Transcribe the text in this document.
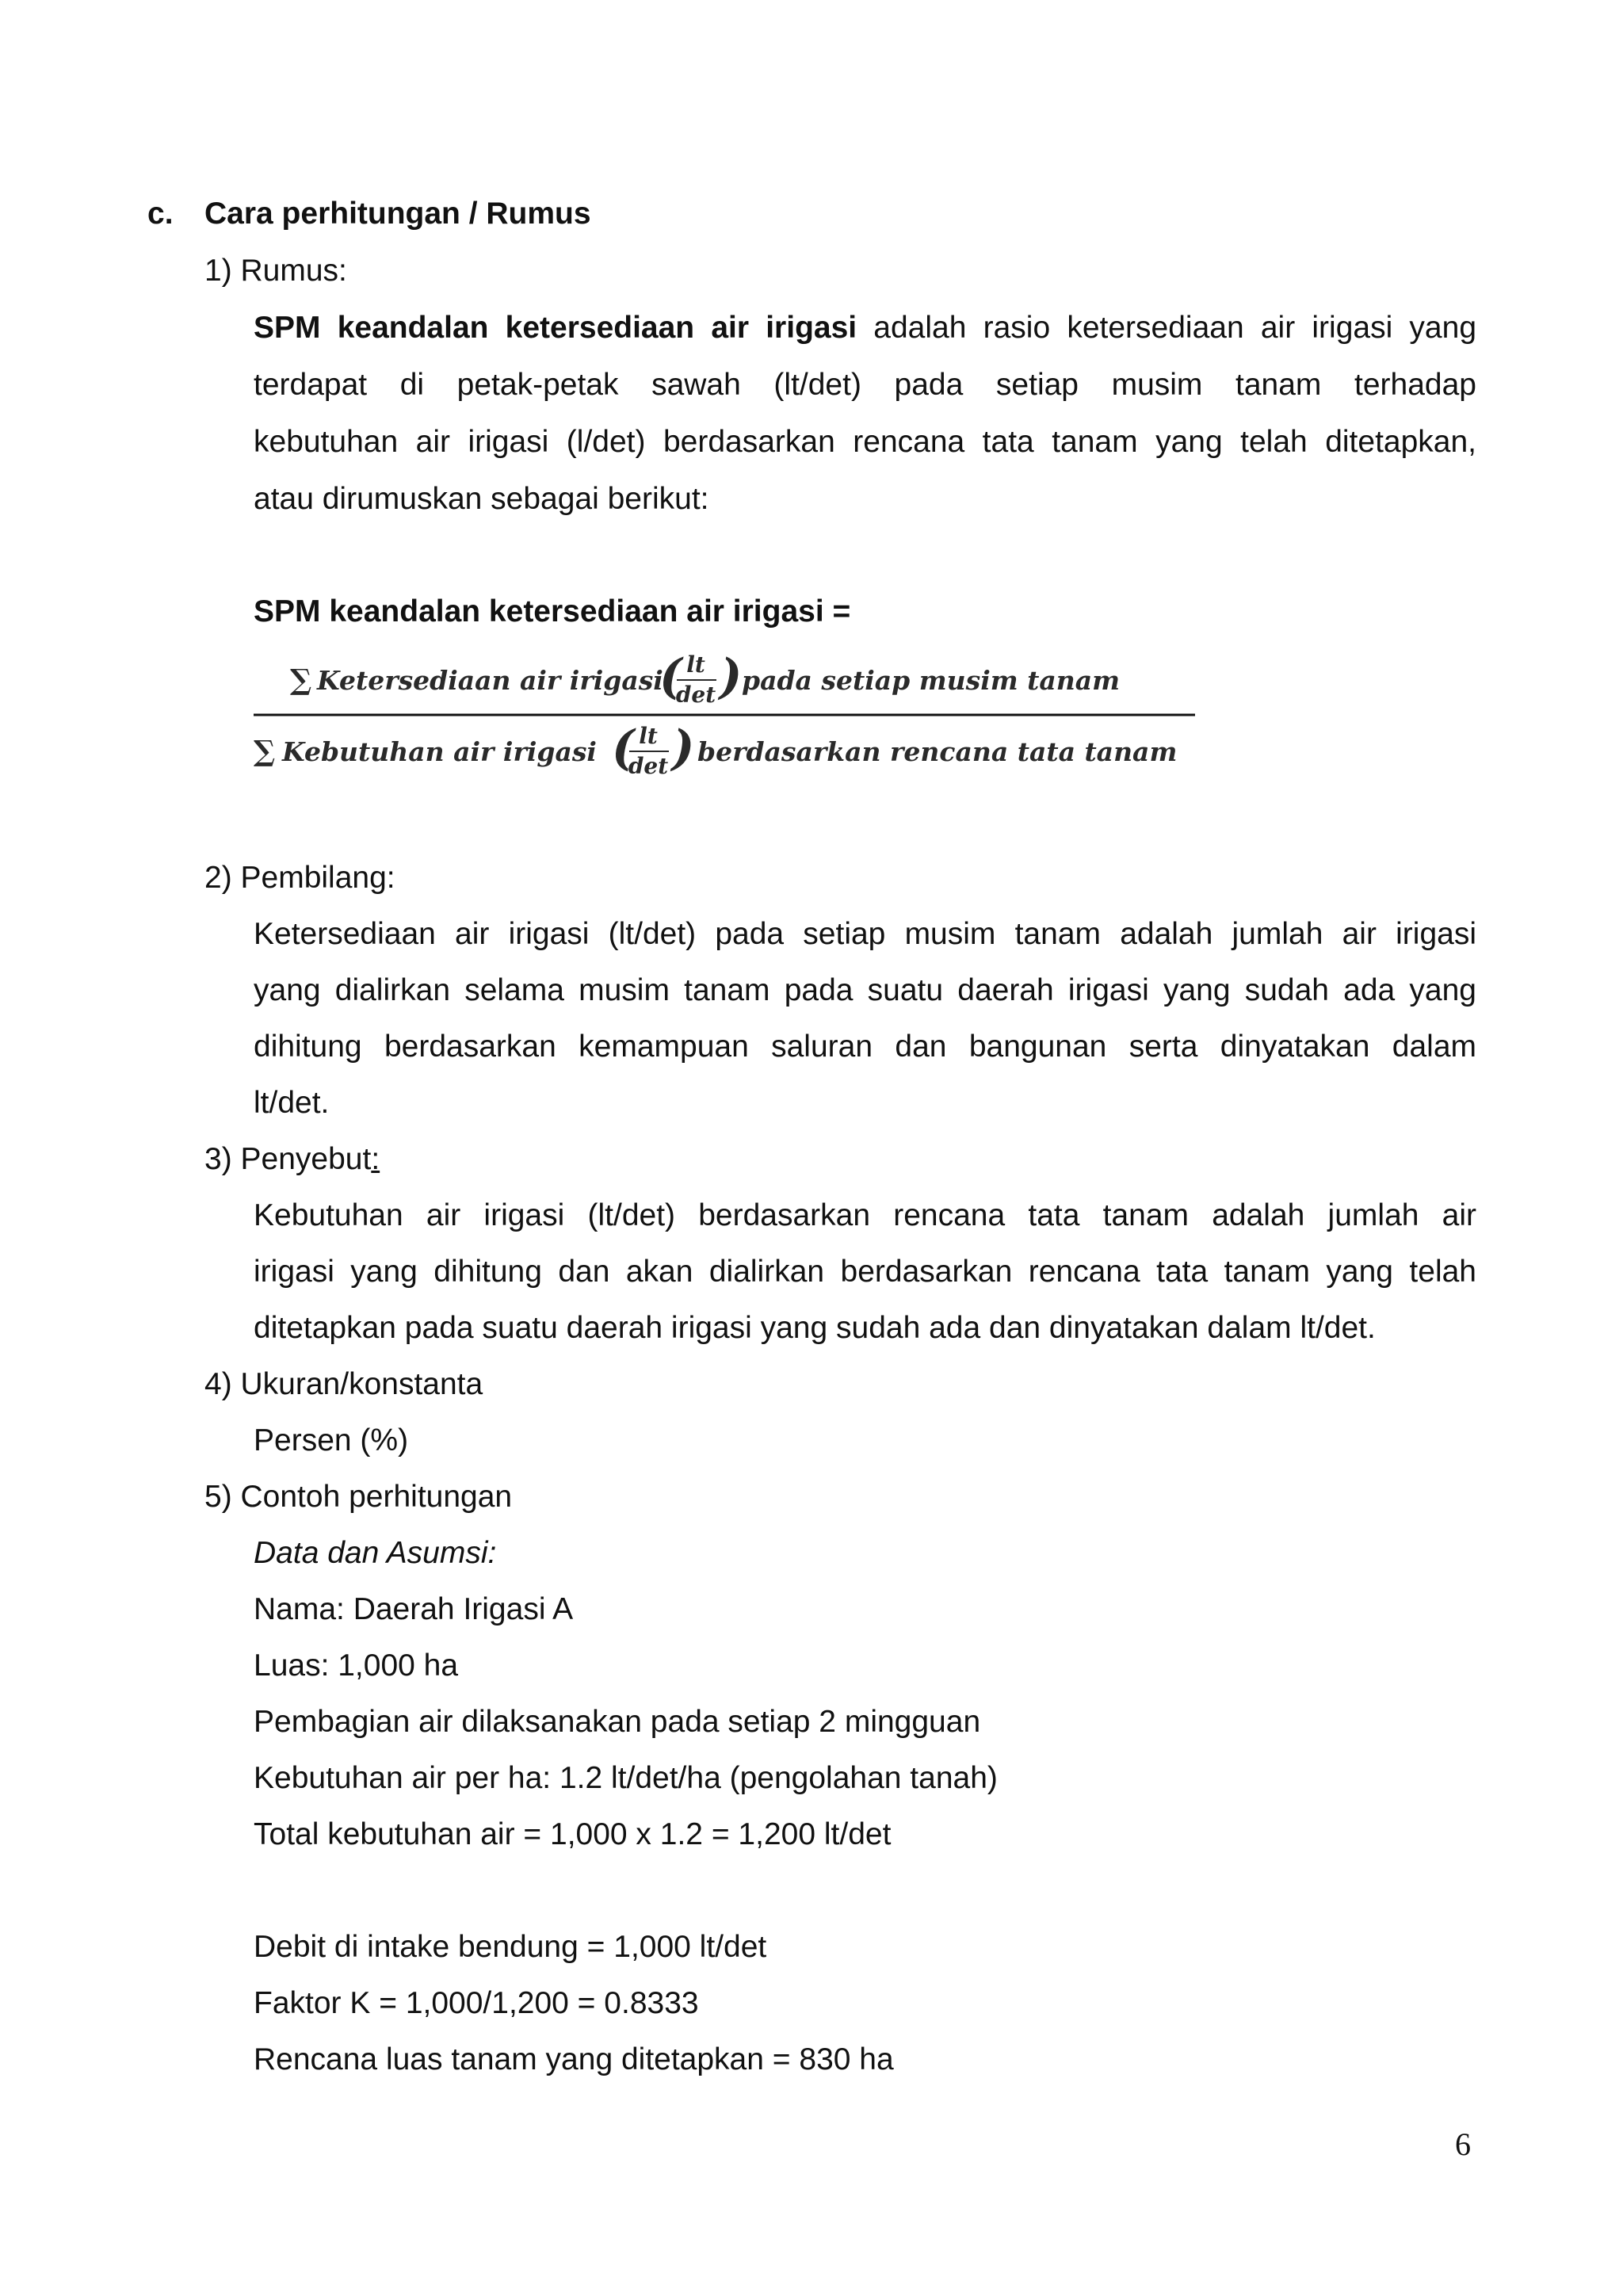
c. Cara perhitungan / Rumus
1) Rumus:
SPM keandalan ketersediaan air irigasi adalah rasio ketersediaan air irigasi yang
terdapat di petak-petak sawah (lt/det) pada setiap musim tanam terhadap
kebutuhan air irigasi (l/det) berdasarkan rencana tata tanam yang telah ditetapkan,
atau dirumuskan sebagai berikut:
SPM keandalan ketersediaan air irigasi =
∑ Ketersediaan air irigasi
( lt
det ) pada setiap musim tanam
∑ Kebutuhan air irigasi ( lt
det ) berdasarkan rencana tata tanam
2) Pembilang:
Ketersediaan air irigasi (lt/det) pada setiap musim tanam adalah jumlah air irigasi
yang dialirkan selama musim tanam pada suatu daerah irigasi yang sudah ada yang
dihitung berdasarkan kemampuan saluran dan bangunan serta dinyatakan dalam
lt/det.
3) Penyebut:
Kebutuhan air irigasi (lt/det) berdasarkan rencana tata tanam adalah jumlah air
irigasi yang dihitung dan akan dialirkan berdasarkan rencana tata tanam yang telah
ditetapkan pada suatu daerah irigasi yang sudah ada dan dinyatakan dalam lt/det.
4) Ukuran/konstanta
Persen (%)
5) Contoh perhitungan
Data dan Asumsi:
Nama: Daerah Irigasi A
Luas: 1,000 ha
Pembagian air dilaksanakan pada setiap 2 mingguan
Kebutuhan air per ha: 1.2 lt/det/ha (pengolahan tanah)
Total kebutuhan air = 1,000 x 1.2 = 1,200 lt/det
Debit di intake bendung = 1,000 lt/det
Faktor K = 1,000/1,200 = 0.8333
Rencana luas tanam yang ditetapkan = 830 ha
6
